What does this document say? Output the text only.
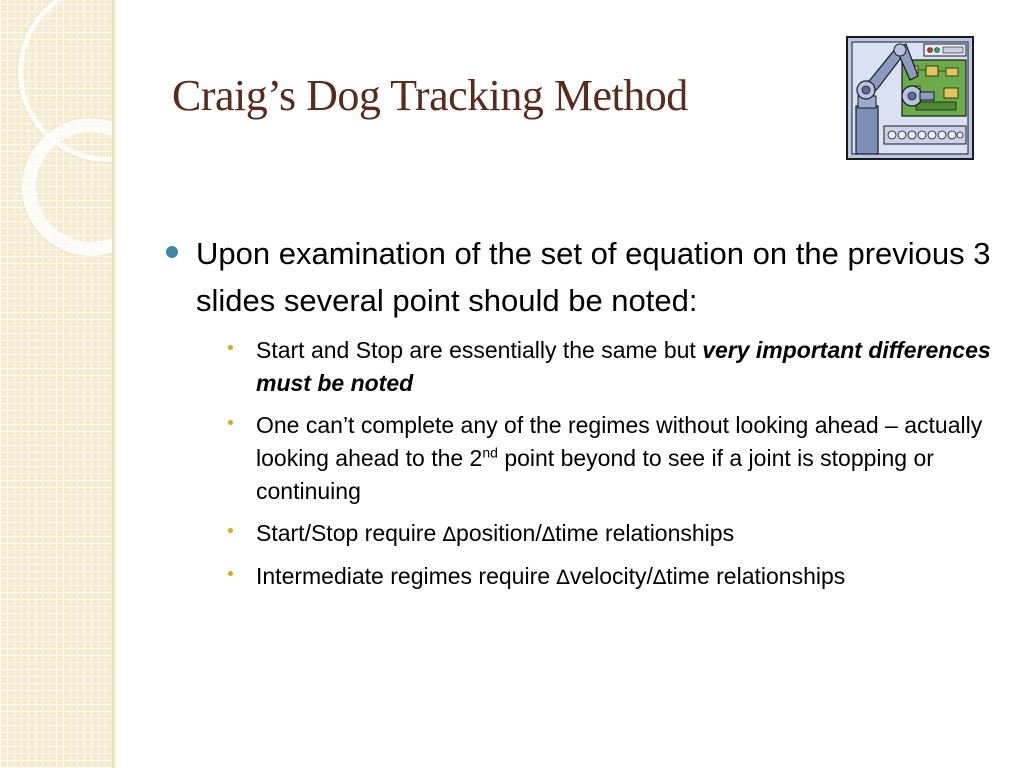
Craig’s Dog Tracking Method
Upon examination of the set of equation on the previous 3 slides several point should be noted:
Start and Stop are essentially the same but very important differences must be noted
One can’t complete any of the regimes without looking ahead – actually looking ahead to the 2nd point beyond to see if a joint is stopping or continuing
Start/Stop require ∆position/∆time relationships
Intermediate regimes require ∆velocity/∆time relationships
